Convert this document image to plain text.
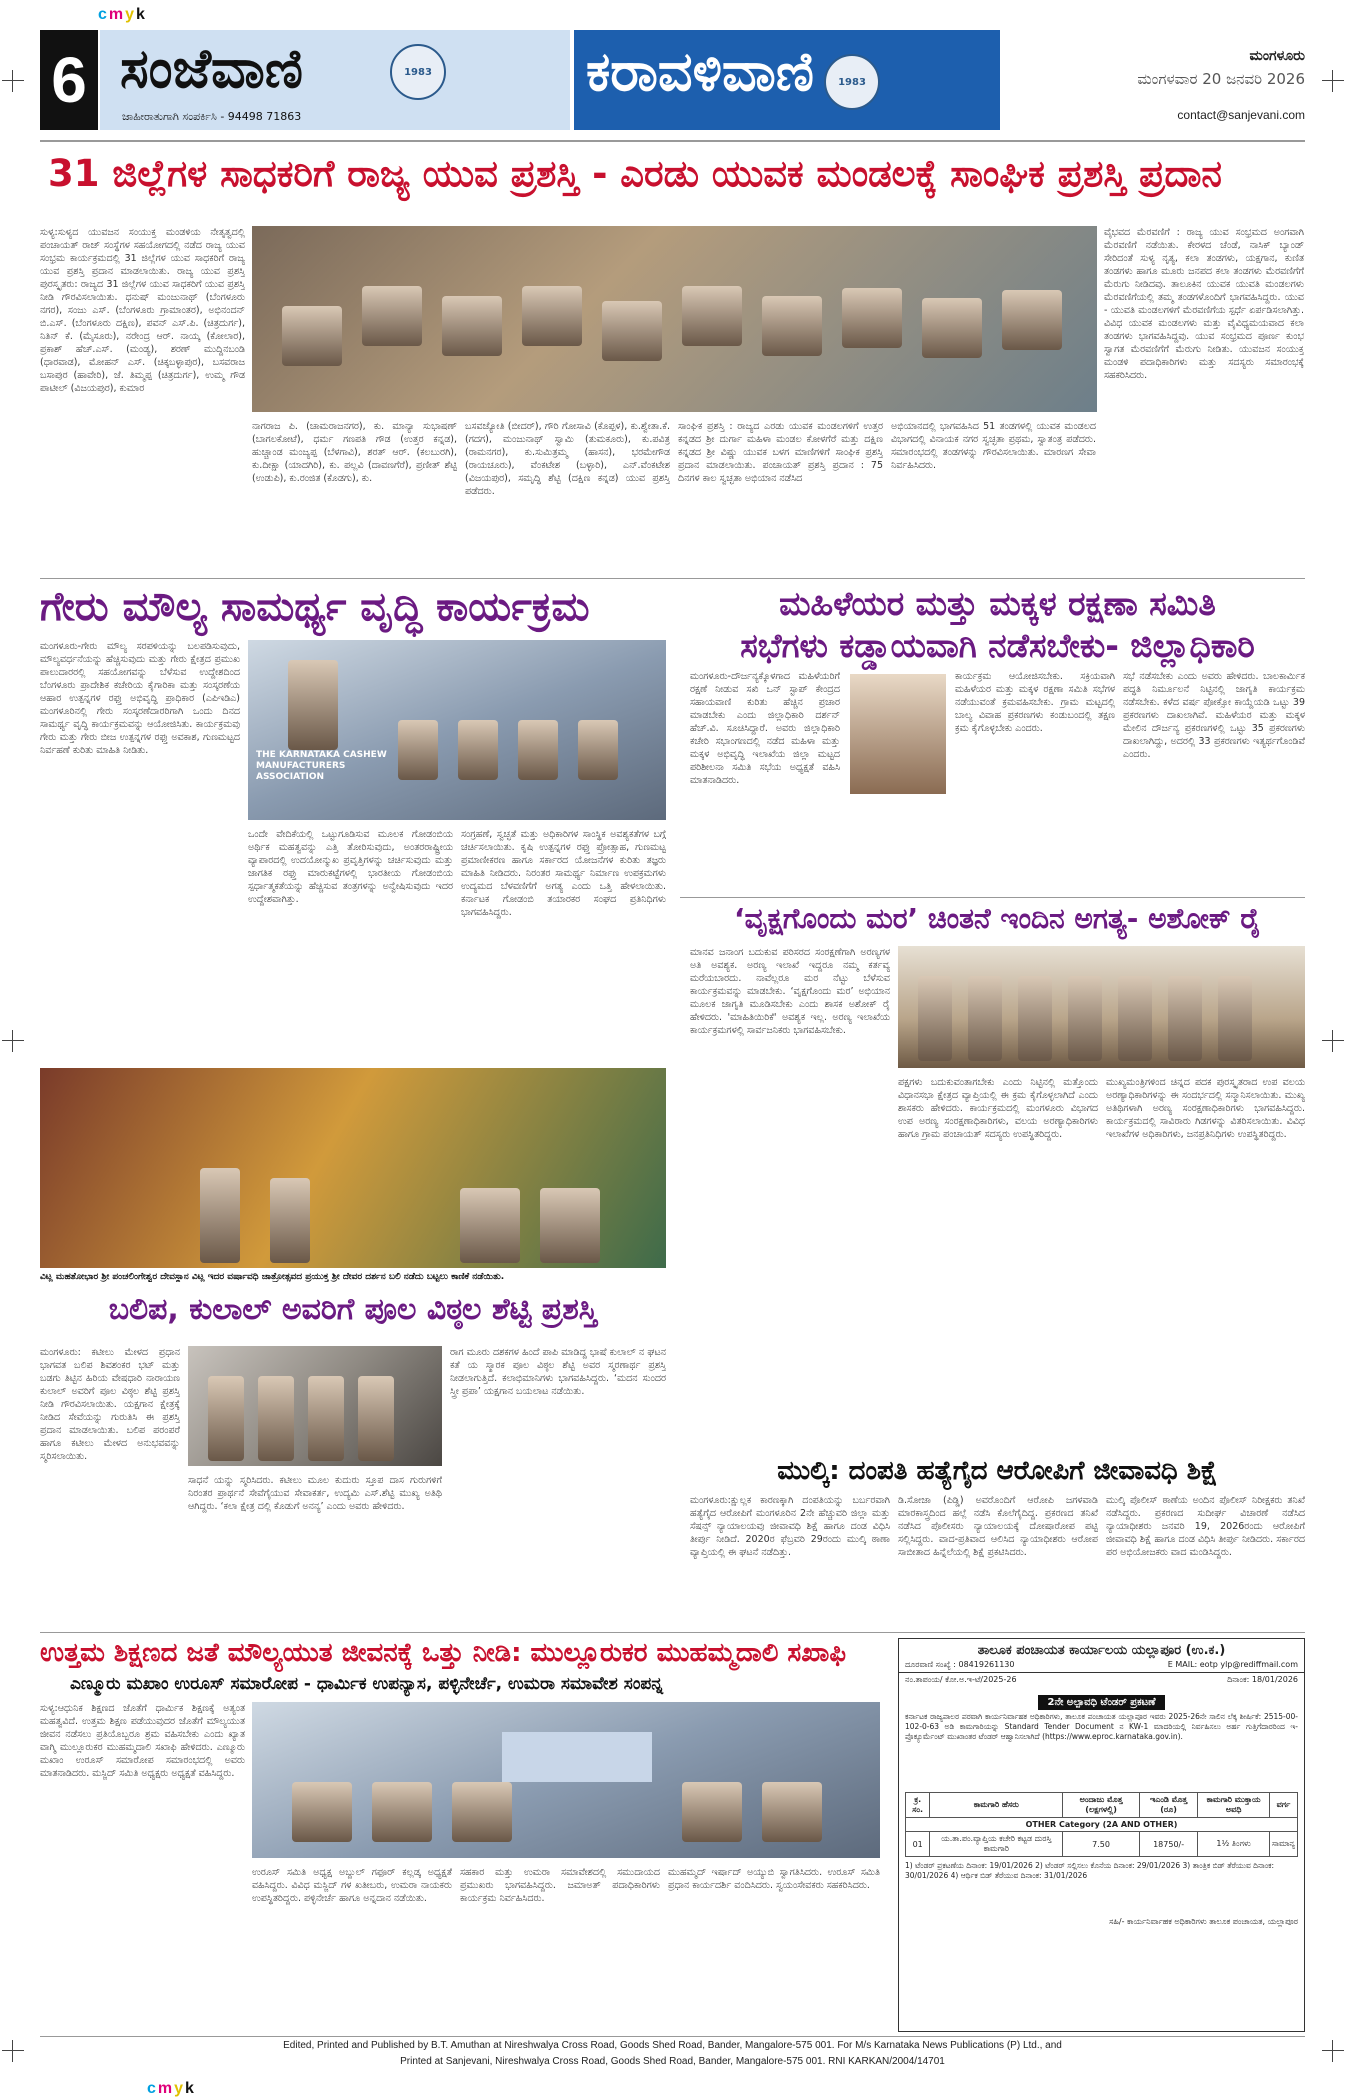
cmyk
cmyk
6 ಸಂಜೆವಾಣಿ	1983
ಜಾಹೀರಾತುಗಾಗಿ ಸಂಪರ್ಕಿಸಿ - 94498 71863
ಕರಾವಳಿವಾಣಿ 1983
ಮಂಗಳೂರು
ಮಂಗಳವಾರ 20 ಜನವರಿ 2026
contact@sanjevani.com
31 ಜಿಲ್ಲೆಗಳ ಸಾಧಕರಿಗೆ ರಾಜ್ಯ ಯುವ ಪ್ರಶಸ್ತಿ - ಎರಡು ಯುವಕ ಮಂಡಲಕ್ಕೆ ಸಾಂಘಿಕ ಪ್ರಶಸ್ತಿ ಪ್ರದಾನ
ಸುಳ್ಯ:ಸುಳ್ಯದ ಯುವಜನ ಸಂಯುಕ್ತ ಮಂಡಳಿಯ ನೇತೃತ್ವದಲ್ಲಿ ಪಂಚಾಯತ್ ರಾಜ್ ಸಂಸ್ಥೆಗಳ ಸಹಯೋಗದಲ್ಲಿ ನಡೆದ ರಾಜ್ಯ ಯುವ ಸಂಭ್ರಮ ಕಾರ್ಯಕ್ರಮದಲ್ಲಿ 31 ಜಿಲ್ಲೆಗಳ ಯುವ ಸಾಧಕರಿಗೆ ರಾಜ್ಯ ಯುವ ಪ್ರಶಸ್ತಿ ಪ್ರದಾನ ಮಾಡಲಾಯಿತು. ರಾಜ್ಯ ಯುವ ಪ್ರಶಸ್ತಿ ಪುರಸ್ಕೃತರು: ರಾಜ್ಯದ 31 ಜಿಲ್ಲೆಗಳ ಯುವ ಸಾಧಕರಿಗೆ ಯುವ ಪ್ರಶಸ್ತಿ ನೀಡಿ ಗೌರವಿಸಲಾಯಿತು. ಧನುಷ್ ಮಂಜುನಾಥ್ (ಬೆಂಗಳೂರು ನಗರ), ಸಂಜು ಎಸ್. (ಬೆಂಗಳೂರು ಗ್ರಾಮಾಂತರ), ಅಭಿನಂದನ್ ಬಿ.ಎಸ್. (ಬೆಂಗಳೂರು ದಕ್ಷಿಣ), ಪವನ್ ಎಸ್.ಪಿ. (ಚಿತ್ರದುರ್ಗ), ನಿತಿನ್ ಕೆ. (ಮೈಸೂರು), ನರೇಂದ್ರ ಆರ್. ನಾಯ್ಕ (ಕೋಲಾರ), ಪ್ರಕಾಶ್ ಹೆಚ್.ಎಸ್. (ಮಂಡ್ಯ), ಶರಣ್ ಮುದ್ದಿನಬಂಡಿ (ಧಾರವಾಡ), ಮೋಹನ್ ಎಸ್. (ಚಿಕ್ಕಬಳ್ಳಾಪುರ), ಬಸವರಾಜ ಬಸಾಪುರ (ಹಾವೇರಿ), ಜೆ. ತಿಮ್ಮಪ್ಪ (ಚಿತ್ರದುರ್ಗ), ಉಮ್ಮ ಗೌಡ ಪಾಟೀಲ್ (ವಿಜಯಪುರ), ಕುಮಾರ
ವೈಭವದ ಮೆರವಣಿಗೆ : ರಾಜ್ಯ ಯುವ ಸಂಭ್ರಮದ ಅಂಗವಾಗಿ ಮೆರವಣಿಗೆ ನಡೆಯಿತು. ಕೇರಳದ ಚೆಂಡೆ, ನಾಸಿಕ್ ಬ್ಯಾಂಡ್ ಸೇರಿದಂತೆ ಸುಳ್ಯ ನೃತ್ಯ, ಕಲಾ ತಂಡಗಳು, ಯಕ್ಷಗಾನ, ಕುಣಿತ ತಂಡಗಳು ಹಾಗೂ ಮೂರು ಜನಪದ ಕಲಾ ತಂಡಗಳು ಮೆರವಣಿಗೆಗೆ ಮೆರುಗು ನೀಡಿದವು. ತಾಲೂಕಿನ ಯುವಕ ಯುವತಿ ಮಂಡಲಗಳು ಮೆರವಣಿಗೆಯಲ್ಲಿ ತಮ್ಮ ತಂಡಗಳೊಂದಿಗೆ ಭಾಗವಹಿಸಿದ್ದರು. ಯುವ - ಯುವತಿ ಮಂಡಲಗಳಿಗೆ ಮೆರವಣಿಗೆಯ ಸ್ಪರ್ಧೆ ಏರ್ಪಡಿಸಲಾಗಿತ್ತು. ವಿವಿಧ ಯುವಕ ಮಂಡಲಗಳು ಮತ್ತು ವೈವಿಧ್ಯಮಯವಾದ ಕಲಾ ತಂಡಗಳು ಭಾಗವಹಿಸಿದ್ದವು. ಯುವ ಸಂಭ್ರಮದ ಪೂರ್ಣ ಕುಂಭ ಸ್ವಾಗತ ಮೆರವಣಿಗೆಗೆ ಮೆರುಗು ನೀಡಿತು. ಯುವಜನ ಸಂಯುಕ್ತ ಮಂಡಳಿ ಪದಾಧಿಕಾರಿಗಳು ಮತ್ತು ಸದಸ್ಯರು ಸಮಾರಂಭಕ್ಕೆ ಸಹಕರಿಸಿದರು.
ನಾಗರಾಜ ಪಿ. (ಚಾಮರಾಜನಗರ), ಕು. ಮಾನ್ಯಾ ಸುಭಾಷಣ್ (ಬಾಗಲಕೋಟೆ), ಧರ್ಮ ಗಣಪತಿ ಗೌಡ (ಉತ್ತರ ಕನ್ನಡ), ಹುಚ್ಚಾಂಡ ಮಂಜ್ಯಪ್ಪ (ಬೆಳಗಾವಿ), ಶರತ್ ಆರ್. (ಕಲಬುರಗಿ), ಕು.ದೀಕ್ಷಾ (ಯಾದಗಿರಿ), ಕು. ಪಲ್ಲವಿ (ದಾವಣಗೆರೆ), ಪ್ರಣೀತ್ ಶೆಟ್ಟಿ (ಉಡುಪಿ), ಕು.ರಂಜಿತ (ಕೊಡಗು), ಕು.
ಬಸವಜ್ಯೋತಿ (ಬೀದರ್), ಗೌರಿ ಗೋಸಾವಿ (ಕೊಪ್ಪಳ), ಕು.ಶ್ವೇತಾ.ಕೆ. (ಗದಗ), ಮಂಜುನಾಥ್ ಸ್ವಾಮಿ (ತುಮಕೂರು), ಕು.ಪವಿತ್ರ (ರಾಮನಗರ), ಕು.ಸುಮಿತ್ರಮ್ಮ (ಹಾಸನ), ಭರಮೇಗೌಡ (ರಾಯಚೂರು), ವೆಂಕಟೇಶ (ಬಳ್ಳಾರಿ), ಎನ್.ವೆಂಕಟೇಶ (ವಿಜಯಪುರ), ಸಮೃದ್ಧಿ ಶೆಟ್ಟಿ (ದಕ್ಷಿಣ ಕನ್ನಡ) ಯುವ ಪ್ರಶಸ್ತಿ ಪಡೆದರು.
ಸಾಂಘಿಕ ಪ್ರಶಸ್ತಿ : ರಾಜ್ಯದ ಎರಡು ಯುವಕ ಮಂಡಲಗಳಿಗೆ ಉತ್ತರ ಕನ್ನಡದ ಶ್ರೀ ದುರ್ಗಾ ಮಹಿಳಾ ಮಂಡಲ ಕೋಳಗೆರೆ ಮತ್ತು ದಕ್ಷಿಣ ಕನ್ನಡದ ಶ್ರೀ ವಿಷ್ಣು ಯುವಕ ಬಳಗ ಮಾಣಿಗಳಿಗೆ ಸಾಂಘಿಕ ಪ್ರಶಸ್ತಿ ಪ್ರದಾನ ಮಾಡಲಾಯಿತು. ಪಂಚಾಯತ್ ಪ್ರಶಸ್ತಿ ಪ್ರದಾನ : 75 ದಿನಗಳ ಕಾಲ ಸ್ವಚ್ಛತಾ ಅಭಿಯಾನ ನಡೆಸಿದ
ಅಭಿಯಾನದಲ್ಲಿ ಭಾಗವಹಿಸಿದ 51 ತಂಡಗಳಲ್ಲಿ ಯುವಕ ಮಂಡಲದ ವಿಭಾಗದಲ್ಲಿ ವಿನಾಯಕ ನಗರ ಸ್ವಚ್ಛತಾ ಪ್ರಥಮ, ಸ್ವಾತಂತ್ರ ಪಡೆದರು. ಸಮಾರಂಭದಲ್ಲಿ ತಂಡಗಳನ್ನು ಗೌರವಿಸಲಾಯಿತು. ಮಾರಣಗ ಸೇವಾ ನಿರ್ವಹಿಸಿದರು.
ಗೇರು ಮೌಲ್ಯ ಸಾಮರ್ಥ್ಯ ವೃದ್ಧಿ ಕಾರ್ಯಕ್ರಮ
ಮಂಗಳೂರು-ಗೇರು ಮೌಲ್ಯ ಸರಪಳಿಯನ್ನು ಬಲಪಡಿಸುವುದು, ಮೌಲ್ಯವರ್ಧನೆಯನ್ನು ಹೆಚ್ಚಿಸುವುದು ಮತ್ತು ಗೇರು ಕ್ಷೇತ್ರದ ಪ್ರಮುಖ ಪಾಲುದಾರರಲ್ಲಿ ಸಹಯೋಗವನ್ನು ಬೆಳೆಸುವ ಉದ್ದೇಶದಿಂದ ಬೆಂಗಳೂರು ಪ್ರಾದೇಶಿಕ ಕಚೇರಿಯ ಕೈಗಾರಿಕಾ ಮತ್ತು ಸಂಸ್ಕರಣೆಯ ಆಹಾರ ಉತ್ಪನ್ನಗಳ ರಫ್ತು ಅಭಿವೃದ್ಧಿ ಪ್ರಾಧಿಕಾರ (ಎಪಿಇಡಿಎ) ಮಂಗಳೂರಿನಲ್ಲಿ ಗೇರು ಸಂಸ್ಕರಣೆದಾರರಿಗಾಗಿ ಒಂದು ದಿನದ ಸಾಮರ್ಥ್ಯ ವೃದ್ಧಿ ಕಾರ್ಯಕ್ರಮವನ್ನು ಆಯೋಜಿಸಿತು. ಕಾರ್ಯಕ್ರಮವು ಗೇರು ಮತ್ತು ಗೇರು ಬೀಜ ಉತ್ಪನ್ನಗಳ ರಫ್ತು ಅವಕಾಶ, ಗುಣಮಟ್ಟದ ನಿರ್ವಹಣೆ ಕುರಿತು ಮಾಹಿತಿ ನೀಡಿತು.	THE KARNATAKA CASHEW MANUFACTURERS ASSOCIATION
ಒಂದೇ ವೇದಿಕೆಯಲ್ಲಿ ಒಟ್ಟುಗೂಡಿಸುವ ಮೂಲಕ ಗೋಡಂಬಿಯ ಅರ್ಥಿಕ ಮಹತ್ವವನ್ನು ಎತ್ತಿ ತೋರಿಸುವುದು, ಅಂತರರಾಷ್ಟ್ರೀಯ ವ್ಯಾಪಾರದಲ್ಲಿ ಉದಯೋನ್ಮುಖ ಪ್ರವೃತ್ತಿಗಳನ್ನು ಚರ್ಚಿಸುವುದು ಮತ್ತು ಜಾಗತಿಕ ರಫ್ತು ಮಾರುಕಟ್ಟೆಗಳಲ್ಲಿ ಭಾರತೀಯ ಗೋಡಂಬಿಯ ಸ್ಪರ್ಧಾತ್ಮಕತೆಯನ್ನು ಹೆಚ್ಚಿಸುವ ತಂತ್ರಗಳನ್ನು ಅನ್ವೇಷಿಸುವುದು ಇದರ ಉದ್ದೇಶವಾಗಿತ್ತು.
ಸಂಗ್ರಹಣೆ, ಸ್ವಚ್ಛತೆ ಮತ್ತು ಅಧಿಕಾರಿಗಳ ಸಾಂಸ್ಥಿಕ ಅವಶ್ಯಕತೆಗಳ ಬಗ್ಗೆ ಚರ್ಚಿಸಲಾಯಿತು. ಕೃಷಿ ಉತ್ಪನ್ನಗಳ ರಫ್ತು ಪ್ರೋತ್ಸಾಹ, ಗುಣಮಟ್ಟ ಪ್ರಮಾಣೀಕರಣ ಹಾಗೂ ಸರ್ಕಾರದ ಯೋಜನೆಗಳ ಕುರಿತು ತಜ್ಞರು ಮಾಹಿತಿ ನೀಡಿದರು. ನಿರಂತರ ಸಾಮರ್ಥ್ಯ ನಿರ್ಮಾಣ ಉಪಕ್ರಮಗಳು ಉದ್ಯಮದ ಬೆಳವಣಿಗೆಗೆ ಅಗತ್ಯ ಎಂದು ಒತ್ತಿ ಹೇಳಲಾಯಿತು. ಕರ್ನಾಟಕ ಗೋಡಂಬಿ ತಯಾರಕರ ಸಂಘದ ಪ್ರತಿನಿಧಿಗಳು ಭಾಗವಹಿಸಿದ್ದರು.
ಮಹಿಳೆಯರ ಮತ್ತು ಮಕ್ಕಳ ರಕ್ಷಣಾ ಸಮಿತಿ
ಸಭೆಗಳು ಕಡ್ಡಾಯವಾಗಿ ನಡೆಸಬೇಕು- ಜಿಲ್ಲಾಧಿಕಾರಿ
ಮಂಗಳೂರು-ದೌರ್ಜನ್ಯಕ್ಕೊಳಗಾದ ಮಹಿಳೆಯರಿಗೆ ರಕ್ಷಣೆ ನೀಡುವ ಸಖಿ ಒನ್ ಸ್ಟಾಪ್ ಕೇಂದ್ರದ ಸಹಾಯವಾಣಿ ಕುರಿತು ಹೆಚ್ಚಿನ ಪ್ರಚಾರ ಮಾಡಬೇಕು ಎಂದು ಜಿಲ್ಲಾಧಿಕಾರಿ ದರ್ಶನ್ ಹೆಚ್.ವಿ. ಸೂಚಿಸಿದ್ದಾರೆ. ಅವರು ಜಿಲ್ಲಾಧಿಕಾರಿ ಕಚೇರಿ ಸಭಾಂಗಣದಲ್ಲಿ ನಡೆದ ಮಹಿಳಾ ಮತ್ತು ಮಕ್ಕಳ ಅಭಿವೃದ್ಧಿ ಇಲಾಖೆಯ ಜಿಲ್ಲಾ ಮಟ್ಟದ ಪರಿಶೀಲನಾ ಸಮಿತಿ ಸಭೆಯ ಅಧ್ಯಕ್ಷತೆ ವಹಿಸಿ ಮಾತನಾಡಿದರು.
ಕಾರ್ಯಕ್ರಮ ಆಯೋಜಿಸಬೇಕು. ಸಕ್ರಿಯವಾಗಿ ಮಹಿಳೆಯರ ಮತ್ತು ಮಕ್ಕಳ ರಕ್ಷಣಾ ಸಮಿತಿ ಸಭೆಗಳ ನಡೆಯುವಂತೆ ಕ್ರಮವಹಿಸಬೇಕು. ಗ್ರಾಮ ಮಟ್ಟದಲ್ಲಿ ಬಾಲ್ಯ ವಿವಾಹ ಪ್ರಕರಣಗಳು ಕಂಡುಬಂದಲ್ಲಿ ತಕ್ಷಣ ಕ್ರಮ ಕೈಗೊಳ್ಳಬೇಕು ಎಂದರು.
ಸಭೆ ನಡೆಸಬೇಕು ಎಂದು ಅವರು ಹೇಳಿದರು. ಬಾಲಕಾರ್ಮಿಕ ಪದ್ಧತಿ ನಿರ್ಮೂಲನೆ ನಿಟ್ಟಿನಲ್ಲಿ ಜಾಗೃತಿ ಕಾರ್ಯಕ್ರಮ ನಡೆಸಬೇಕು. ಕಳೆದ ವರ್ಷ ಪೋಕ್ಸೋ ಕಾಯ್ದೆಯಡಿ ಒಟ್ಟು 39 ಪ್ರಕರಣಗಳು ದಾಖಲಾಗಿವೆ. ಮಹಿಳೆಯರ ಮತ್ತು ಮಕ್ಕಳ ಮೇಲಿನ ದೌರ್ಜನ್ಯ ಪ್ರಕರಣಗಳಲ್ಲಿ ಒಟ್ಟು 35 ಪ್ರಕರಣಗಳು ದಾಖಲಾಗಿದ್ದು, ಅದರಲ್ಲಿ 33 ಪ್ರಕರಣಗಳು ಇತ್ಯರ್ಥಗೊಂಡಿವೆ ಎಂದರು.
‘ವೃಕ್ಷಗೊಂದು ಮರ’ ಚಿಂತನೆ ಇಂದಿನ ಅಗತ್ಯ- ಅಶೋಕ್ ರೈ
ಮಾನವ ಜನಾಂಗ ಬದುಕುವ ಪರಿಸರದ ಸಂರಕ್ಷಣೆಗಾಗಿ ಅರಣ್ಯಗಳ ಅತಿ ಅವಶ್ಯಕ. ಅರಣ್ಯ ಇಲಾಖೆ ಇದ್ದರೂ ನಮ್ಮ ಕರ್ತವ್ಯ ಮರೆಯಬಾರದು. ನಾವೆಲ್ಲರೂ ಮರ ನೆಟ್ಟು ಬೆಳೆಸುವ ಕಾರ್ಯಕ್ರಮವನ್ನು ಮಾಡಬೇಕು. ‘ವೃಕ್ಷಗೊಂದು ಮರ’ ಅಭಿಯಾನ ಮೂಲಕ ಜಾಗೃತಿ ಮೂಡಿಸಬೇಕು ಎಂದು ಶಾಸಕ ಅಶೋಕ್ ರೈ ಹೇಳಿದರು. 'ಮಾಹಿತಿಯಿರಿಕೆ' ಅವಶ್ಯಕ ಇಲ್ಲ. ಅರಣ್ಯ ಇಲಾಖೆಯ ಕಾರ್ಯಕ್ರಮಗಳಲ್ಲಿ ಸಾರ್ವಜನಿಕರು ಭಾಗವಹಿಸಬೇಕು.
ಪಕ್ಷಗಳು ಬದುಕುವಂತಾಗಬೇಕು ಎಂದು ನಿಟ್ಟಿನಲ್ಲಿ ಮತ್ತೊಂದು ವಿಧಾನಸಭಾ ಕ್ಷೇತ್ರದ ವ್ಯಾಪ್ತಿಯಲ್ಲಿ ಈ ಕ್ರಮ ಕೈಗೊಳ್ಳಲಾಗಿದೆ ಎಂದು ಶಾಸಕರು ಹೇಳಿದರು. ಕಾರ್ಯಕ್ರಮದಲ್ಲಿ ಮಂಗಳೂರು ವಿಭಾಗದ ಉಪ ಅರಣ್ಯ ಸಂರಕ್ಷಣಾಧಿಕಾರಿಗಳು, ವಲಯ ಅರಣ್ಯಾಧಿಕಾರಿಗಳು ಹಾಗೂ ಗ್ರಾಮ ಪಂಚಾಯತ್ ಸದಸ್ಯರು ಉಪಸ್ಥಿತರಿದ್ದರು.
ಮುಖ್ಯಮಂತ್ರಿಗಳಿಂದ ಚಿನ್ನದ ಪದಕ ಪುರಸ್ಕೃತರಾದ ಉಪ ವಲಯ ಅರಣ್ಯಾಧಿಕಾರಿಗಳನ್ನು ಈ ಸಂದರ್ಭದಲ್ಲಿ ಸನ್ಮಾನಿಸಲಾಯಿತು. ಮುಖ್ಯ ಅತಿಥಿಗಳಾಗಿ ಅರಣ್ಯ ಸಂರಕ್ಷಣಾಧಿಕಾರಿಗಳು ಭಾಗವಹಿಸಿದ್ದರು. ಕಾರ್ಯಕ್ರಮದಲ್ಲಿ ಸಾವಿರಾರು ಗಿಡಗಳನ್ನು ವಿತರಿಸಲಾಯಿತು. ವಿವಿಧ ಇಲಾಖೆಗಳ ಅಧಿಕಾರಿಗಳು, ಜನಪ್ರತಿನಿಧಿಗಳು ಉಪಸ್ಥಿತರಿದ್ದರು.
ವಿಟ್ಲ ಮಹತೋಭಾರ ಶ್ರೀ ಪಂಚಲಿಂಗೇಶ್ವರ ದೇವಸ್ಥಾನ ವಿಟ್ಲ ಇದರ ವರ್ಷಾವಧಿ ಜಾತ್ರೋತ್ಸವದ ಪ್ರಯುಕ್ತ ಶ್ರೀ ದೇವರ ದರ್ಶನ ಬಲಿ ನಡೆದು ಬಟ್ಟಲು ಕಾಣಿಕೆ ನಡೆಯಿತು.
ಬಲಿಪ, ಕುಲಾಲ್ ಅವರಿಗೆ ಪೂಲ ವಿಠ್ಠಲ ಶೆಟ್ಟಿ ಪ್ರಶಸ್ತಿ
ಮಂಗಳೂರು: ಕಟೀಲು ಮೇಳದ ಪ್ರಧಾನ ಭಾಗವತ ಬಲಿಪ ಶಿವಶಂಕರ ಭಟ್ ಮತ್ತು ಬಡಗು ತಿಟ್ಟಿನ ಹಿರಿಯ ವೇಷಧಾರಿ ನಾರಾಯಣ ಕುಲಾಲ್ ಅವರಿಗೆ ಪೂಲ ವಿಠ್ಠಲ ಶೆಟ್ಟಿ ಪ್ರಶಸ್ತಿ ನೀಡಿ ಗೌರವಿಸಲಾಯಿತು. ಯಕ್ಷಗಾನ ಕ್ಷೇತ್ರಕ್ಕೆ ನೀಡಿದ ಸೇವೆಯನ್ನು ಗುರುತಿಸಿ ಈ ಪ್ರಶಸ್ತಿ ಪ್ರದಾನ ಮಾಡಲಾಯಿತು. ಬಲಿಪ ಪರಂಪರೆ ಹಾಗೂ ಕಟೀಲು ಮೇಳದ ಅನುಭವವನ್ನು ಸ್ಮರಿಸಲಾಯಿತು.
ಸಾಧನೆ ಯನ್ನು ಸ್ಮರಿಸಿದರು. ಕಟೀಲು ಮೂಲ ಕುದುರು ಸ್ತೂಪ ದಾಸ ಗುರುಗಳಿಗೆ ನಿರಂತರ ಪ್ರಾರ್ಥನೆ ಸೇವೆಗೈಯುವ ಸೇವಾಕರ್ತ, ಉದ್ಯಮಿ ಎಸ್.ಶೆಟ್ಟಿ ಮುಖ್ಯ ಅತಿಥಿ ಆಗಿದ್ದರು. ‘ಕಲಾ ಕ್ಷೇತ್ರ ದಲ್ಲಿ ಕೊಡುಗೆ ಅನನ್ಯ’ ಎಂದು ಅವರು ಹೇಳಿದರು.
ರಾಗ ಮೂರು ದಶಕಗಳ ಹಿಂದೆ ಪಾಪಿ ಮಾಡಿದ್ದ ಭಾಷೆ ಕುಲಾಲ್ ನ ಘಟನ ಕತೆ ಯ ಸ್ಮಾರಕ ಪೂಲ ವಿಠ್ಠಲ ಶೆಟ್ಟಿ ಅವರ ಸ್ಮರಣಾರ್ಥ ಪ್ರಶಸ್ತಿ ನೀಡಲಾಗುತ್ತಿದೆ. ಕಲಾಭಿಮಾನಿಗಳು ಭಾಗವಹಿಸಿದ್ದರು. ‘ಮದನ ಸುಂದರ ಸ್ತ್ರೀ ಪ್ರಪಾ’ ಯಕ್ಷಗಾನ ಬಯಲಾಟ ನಡೆಯಿತು.
ಮುಲ್ಕಿ: ದಂಪತಿ ಹತ್ಯೆಗೈದ ಆರೋಪಿಗೆ ಜೀವಾವಧಿ ಶಿಕ್ಷೆ
ಮಂಗಳೂರು:ಕ್ಷುಲ್ಲಕ ಕಾರಣಕ್ಕಾಗಿ ದಂಪತಿಯನ್ನು ಬರ್ಬರವಾಗಿ ಹತ್ಯೆಗೈದ ಆರೋಪಿಗೆ ಮಂಗಳೂರಿನ 2ನೇ ಹೆಚ್ಚುವರಿ ಜಿಲ್ಲಾ ಮತ್ತು ಸೆಷನ್ಸ್ ನ್ಯಾಯಾಲಯವು ಜೀವಾವಧಿ ಶಿಕ್ಷೆ ಹಾಗೂ ದಂಡ ವಿಧಿಸಿ ತೀರ್ಪು ನೀಡಿದೆ. 2020ರ ಫೆಬ್ರವರಿ 29ರಂದು ಮುಲ್ಕಿ ಠಾಣಾ ವ್ಯಾಪ್ತಿಯಲ್ಲಿ ಈ ಘಟನೆ ನಡೆದಿತ್ತು.
ಡಿ.ಸೋಜಾ (ಪಿಡ್ಡಿ) ಅವರೊಂದಿಗೆ ಆರೋಪಿ ಜಗಳವಾಡಿ ಮಾರಕಾಸ್ತ್ರದಿಂದ ಹಲ್ಲೆ ನಡೆಸಿ ಕೊಲೆಗೈದಿದ್ದ. ಪ್ರಕರಣದ ತನಿಖೆ ನಡೆಸಿದ ಪೊಲೀಸರು ನ್ಯಾಯಾಲಯಕ್ಕೆ ದೋಷಾರೋಪ ಪಟ್ಟಿ ಸಲ್ಲಿಸಿದ್ದರು. ವಾದ-ಪ್ರತಿವಾದ ಆಲಿಸಿದ ನ್ಯಾಯಾಧೀಶರು ಆರೋಪ ಸಾಬೀತಾದ ಹಿನ್ನೆಲೆಯಲ್ಲಿ ಶಿಕ್ಷೆ ಪ್ರಕಟಿಸಿದರು.
ಮುಲ್ಕಿ ಪೊಲೀಸ್ ಠಾಣೆಯ ಅಂದಿನ ಪೊಲೀಸ್ ನಿರೀಕ್ಷಕರು ತನಿಖೆ ನಡೆಸಿದ್ದರು. ಪ್ರಕರಣದ ಸುದೀರ್ಘ ವಿಚಾರಣೆ ನಡೆಸಿದ ನ್ಯಾಯಾಧೀಶರು ಜನವರಿ 19, 2026ರಂದು ಆರೋಪಿಗೆ ಜೀವಾವಧಿ ಶಿಕ್ಷೆ ಹಾಗೂ ದಂಡ ವಿಧಿಸಿ ತೀರ್ಪು ನೀಡಿದರು. ಸರ್ಕಾರದ ಪರ ಅಭಿಯೋಜಕರು ವಾದ ಮಂಡಿಸಿದ್ದರು.
ಉತ್ತಮ ಶಿಕ್ಷಣದ ಜತೆ ಮೌಲ್ಯಯುತ ಜೀವನಕ್ಕೆ ಒತ್ತು ನೀಡಿ: ಮುಲ್ಲೂರುಕರ ಮುಹಮ್ಮದಾಲಿ ಸಖಾಫಿ
ಎಣ್ಮೂರು ಮಖಾಂ ಉರೂಸ್ ಸಮಾರೋಪ - ಧಾರ್ಮಿಕ ಉಪನ್ಯಾಸ, ಪಳ್ಳಿನೇರ್ಚೆ, ಉಮರಾ ಸಮಾವೇಶ ಸಂಪನ್ನ
ಸುಳ್ಯ:ಆಧುನಿಕ ಶಿಕ್ಷಣದ ಜೊತೆಗೆ ಧಾರ್ಮಿಕ ಶಿಕ್ಷಣಕ್ಕೆ ಅತ್ಯಂತ ಮಹತ್ವವಿದೆ. ಉತ್ತಮ ಶಿಕ್ಷಣ ಪಡೆಯುವುದರ ಜೊತೆಗೆ ಮೌಲ್ಯಯುತ ಜೀವನ ನಡೆಸಲು ಪ್ರತಿಯೊಬ್ಬರೂ ಶ್ರಮ ವಹಿಸಬೇಕು ಎಂದು ಖ್ಯಾತ ವಾಗ್ಮಿ ಮುಲ್ಲೂರುಕರ ಮುಹಮ್ಮದಾಲಿ ಸಖಾಫಿ ಹೇಳಿದರು. ಎಣ್ಮೂರು ಮಖಾಂ ಉರೂಸ್ ಸಮಾರೋಪ ಸಮಾರಂಭದಲ್ಲಿ ಅವರು ಮಾತನಾಡಿದರು. ಮಸ್ಜಿದ್ ಸಮಿತಿ ಅಧ್ಯಕ್ಷರು ಅಧ್ಯಕ್ಷತೆ ವಹಿಸಿದ್ದರು.
ಉರೂಸ್ ಸಮಿತಿ ಅಧ್ಯಕ್ಷ ಅಬ್ದುಲ್ ಗಫೂರ್ ಕಲ್ಲಡ್ಕ ಅಧ್ಯಕ್ಷತೆ ವಹಿಸಿದ್ದರು. ವಿವಿಧ ಮಸ್ಜಿದ್ ಗಳ ಖತೀಬರು, ಉಮರಾ ನಾಯಕರು ಉಪಸ್ಥಿತರಿದ್ದರು. ಪಳ್ಳಿನೇರ್ಚೆ ಹಾಗೂ ಅನ್ನದಾನ ನಡೆಯಿತು.
ಸಹಕಾರ ಮತ್ತು ಉಮರಾ ಸಮಾವೇಶದಲ್ಲಿ ಸಮುದಾಯದ ಪ್ರಮುಖರು ಭಾಗವಹಿಸಿದ್ದರು. ಜಮಾಅತ್ ಪದಾಧಿಕಾರಿಗಳು ಕಾರ್ಯಕ್ರಮ ನಿರ್ವಹಿಸಿದರು.
ಮುಹಮ್ಮದ್ ಇರ್ಷಾದ್ ಅಯ್ಯುಬಿ ಸ್ವಾಗತಿಸಿದರು. ಉರೂಸ್ ಸಮಿತಿ ಪ್ರಧಾನ ಕಾರ್ಯದರ್ಶಿ ವಂದಿಸಿದರು. ಸ್ವಯಂಸೇವಕರು ಸಹಕರಿಸಿದರು.
ತಾಲೂಕ ಪಂಚಾಯತ ಕಾರ್ಯಾಲಯ ಯಲ್ಲಾಪೂರ (ಉ.ಕ.)
ದೂರವಾಣಿ ಸಂಖ್ಯೆ : 08419261130	E MAIL: eotp ylp@rediffmail.com
ನಂ.ತಾಪಂಯ/ ಕೋ.ಅ.ಇ-ಟೆ/2025-26	ದಿನಾಂಕ: 18/01/2026
2ನೇ ಅಲ್ಪಾವಧಿ ಟೆಂಡರ್ ಪ್ರಕಟಣೆ
ಕರ್ನಾಟಕ ರಾಜ್ಯಪಾಲರ ಪರವಾಗಿ ಕಾರ್ಯನಿರ್ವಾಹಕ ಅಧಿಕಾರಿಗಳು, ತಾಲೂಕ ಪಂಚಾಯತ ಯಲ್ಲಾಪೂರ ಇವರು 2025-26ನೇ ಸಾಲಿನ ಲೆಕ್ಕ ಶೀರ್ಷಿಕೆ: 2515-00-102-0-63 ಅಡಿ ಕಾಮಗಾರಿಯನ್ನು Standard Tender Document ನ KW-1 ಮಾದರಿಯಲ್ಲಿ ನಿರ್ವಹಿಸಲು ಅರ್ಹ ಗುತ್ತಿಗೆದಾರರಿಂದ ಇ-ಪ್ರೊಕ್ಯೂರ್ಮೆಂಟ್ ಮುಖಾಂತರ ಟೆಂಡರ್ ಆಹ್ವಾನಿಸಲಾಗಿದೆ (https://www.eproc.karnataka.gov.in).
ಕ್ರ. ಸಂ.	ಕಾಮಗಾರಿ ಹೆಸರು	ಅಂದಾಜು ಮೊತ್ತ (ಲಕ್ಷಗಳಲ್ಲಿ)	ಇಎಂಡಿ ಮೊತ್ತ (ರೂ)	ಕಾಮಗಾರಿ ಮುಕ್ತಾಯ ಅವಧಿ	ವರ್ಗ
OTHER Category (2A AND OTHER)					
01	ಯ.ತಾ.ಪಂ.ವ್ಯಾಪ್ತಿಯ ಕಚೇರಿ ಕಟ್ಟಡ ದುರಸ್ತಿ ಕಾಮಗಾರಿ	7.50	18750/-	1½ ತಿಂಗಳು	ಸಾಮಾನ್ಯ
1) ಟೆಂಡರ್ ಪ್ರಕಟಣೆಯ ದಿನಾಂಕ: 19/01/2026 2) ಟೆಂಡರ್ ಸಲ್ಲಿಸಲು ಕೊನೆಯ ದಿನಾಂಕ: 29/01/2026 3) ತಾಂತ್ರಿಕ ಬಿಡ್ ತೆರೆಯುವ ದಿನಾಂಕ: 30/01/2026 4) ಆರ್ಥಿಕ ಬಿಡ್ ತೆರೆಯುವ ದಿನಾಂಕ: 31/01/2026
ಸಹಿ/- ಕಾರ್ಯನಿರ್ವಾಹಕ ಅಧಿಕಾರಿಗಳು ತಾಲೂಕ ಪಂಚಾಯತ, ಯಲ್ಲಾಪೂರ
Edited, Printed and Published by B.T. Amuthan at Nireshwalya Cross Road, Goods Shed Road, Bander, Mangalore-575 001. For M/s Karnataka News Publications (P) Ltd., and
Printed at Sanjevani, Nireshwalya Cross Road, Goods Shed Road, Bander, Mangalore-575 001. RNI KARKAN/2004/14701
